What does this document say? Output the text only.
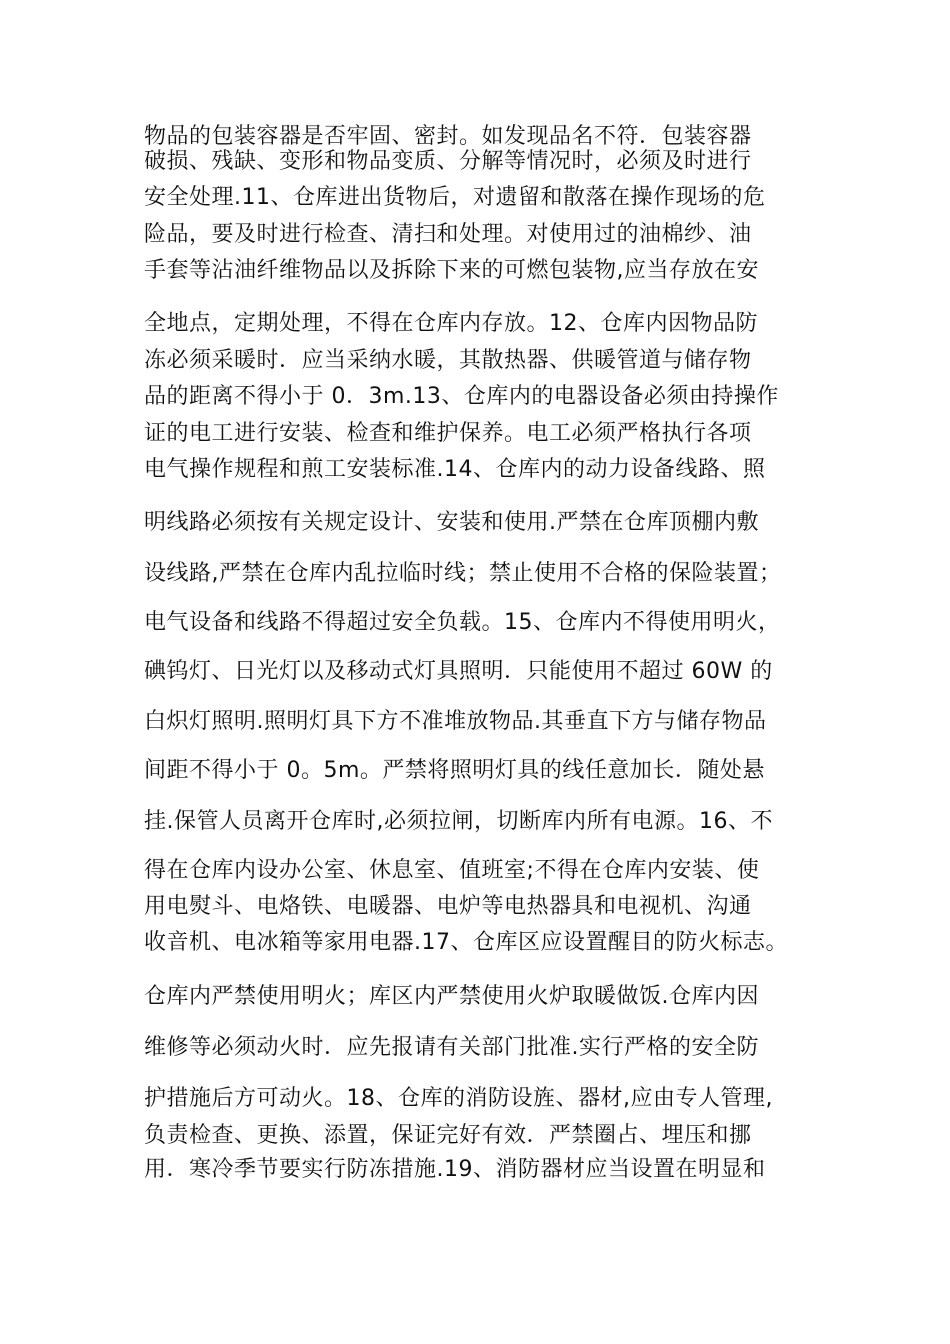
物品的包装容器是否牢固、密封。如发现品名不符．包装容器
破损、残缺、变形和物品变质、分解等情况时，必须及时进行
安全处理.11、仓库进出货物后，对遗留和散落在操作现场的危
险品，要及时进行检查、清扫和处理。对使用过的油棉纱、油
手套等沾油纤维物品以及拆除下来的可燃包装物,应当存放在安
全地点，定期处理，不得在仓库内存放。12、仓库内因物品防
冻必须采暖时．应当采纳水暖，其散热器、供暖管道与储存物
品的距离不得小于 0．3m.13、仓库内的电器设备必须由持操作
证的电工进行安装、检查和维护保养。电工必须严格执行各项
电气操作规程和煎工安装标准.14、仓库内的动力设备线路、照
明线路必须按有关规定设计、安装和使用.严禁在仓库顶棚内敷
设线路,严禁在仓库内乱拉临时线；禁止使用不合格的保险装置；
电气设备和线路不得超过安全负载。15、仓库内不得使用明火，
碘钨灯、日光灯以及移动式灯具照明．只能使用不超过 60W 的
白炽灯照明.照明灯具下方不准堆放物品.其垂直下方与储存物品
间距不得小于 0。5m。严禁将照明灯具的线任意加长．随处悬
挂.保管人员离开仓库时,必须拉闸，切断库内所有电源。16、不
得在仓库内设办公室、休息室、值班室;不得在仓库内安装、使
用电熨斗、电烙铁、电暖器、电炉等电热器具和电视机、沟通
收音机、电冰箱等家用电器.17、仓库区应设置醒目的防火标志。
仓库内严禁使用明火；库区内严禁使用火炉取暖做饭.仓库内因
维修等必须动火时．应先报请有关部门批准.实行严格的安全防
护措施后方可动火。18、仓库的消防设旌、器材,应由专人管理,
负责检查、更换、添置，保证完好有效．严禁圈占、埋压和挪
用．寒冷季节要实行防冻措施.19、消防器材应当设置在明显和
